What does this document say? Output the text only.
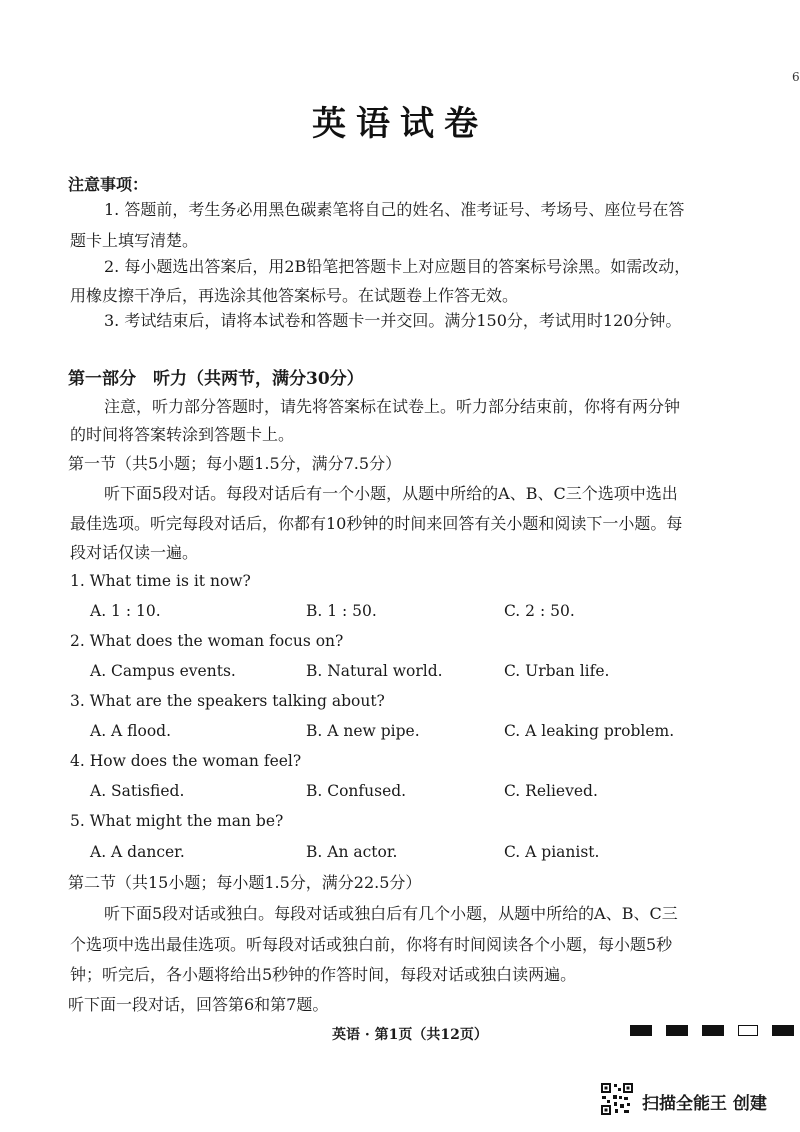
6
英语试卷
注意事项：
1. 答题前，考生务必用黑色碳素笔将自己的姓名、准考证号、考场号、座位号在答
题卡上填写清楚。
2. 每小题选出答案后，用2B铅笔把答题卡上对应题目的答案标号涂黑。如需改动，
用橡皮擦干净后，再选涂其他答案标号。在试题卷上作答无效。
3. 考试结束后，请将本试卷和答题卡一并交回。满分150分，考试用时120分钟。
第一部分　听力（共两节，满分30分）
注意，听力部分答题时，请先将答案标在试卷上。听力部分结束前，你将有两分钟
的时间将答案转涂到答题卡上。
第一节（共5小题；每小题1.5分，满分7.5分）
听下面5段对话。每段对话后有一个小题，从题中所给的A、B、C三个选项中选出
最佳选项。听完每段对话后，你都有10秒钟的时间来回答有关小题和阅读下一小题。每
段对话仅读一遍。
1. What time is it now?
A. 1 : 10.	B. 1 : 50.	C. 2 : 50.
2. What does the woman focus on?
A. Campus events.	B. Natural world.	C. Urban life.
3. What are the speakers talking about?
A. A flood.	B. A new pipe.	C. A leaking problem.
4. How does the woman feel?
A. Satisfied.	B. Confused.	C. Relieved.
5. What might the man be?
A. A dancer.	B. An actor.	C. A pianist.
第二节（共15小题；每小题1.5分，满分22.5分）
听下面5段对话或独白。每段对话或独白后有几个小题，从题中所给的A、B、C三
个选项中选出最佳选项。听每段对话或独白前，你将有时间阅读各个小题，每小题5秒
钟；听完后，各小题将给出5秒钟的作答时间，每段对话或独白读两遍。
听下面一段对话，回答第6和第7题。
英语 · 第1页（共12页）
扫描全能王 创建
